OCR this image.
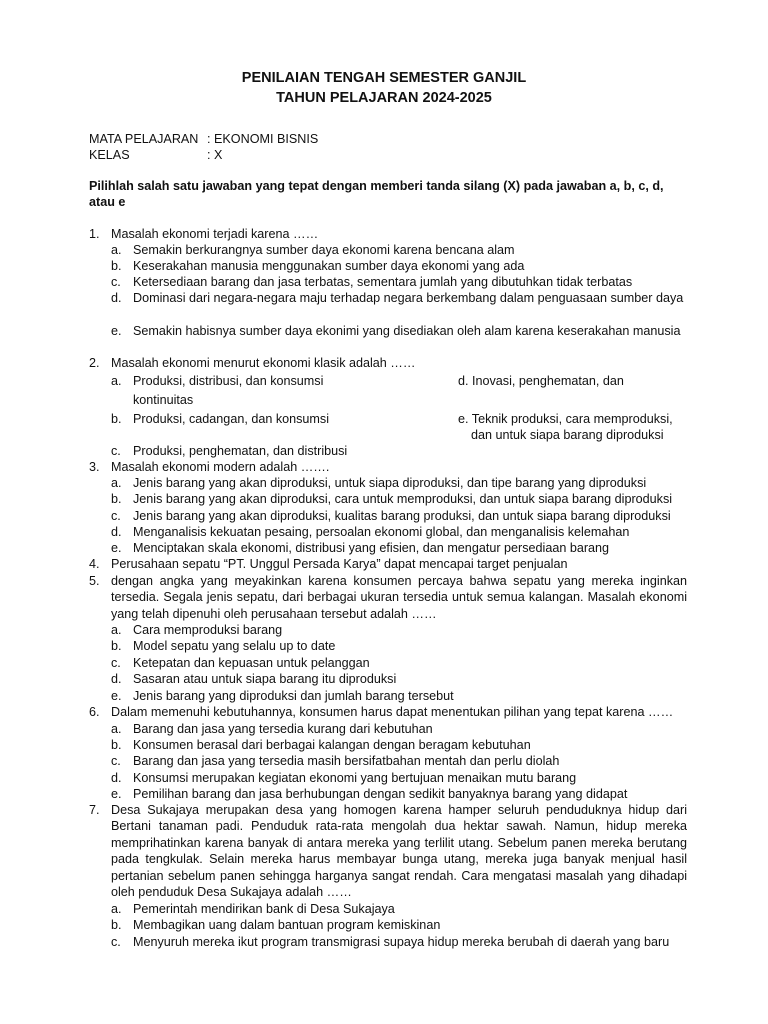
PENILAIAN TENGAH SEMESTER GANJIL
TAHUN PELAJARAN 2024-2025
MATA PELAJARAN : EKONOMI BISNIS
KELAS	: X
Pilihlah salah satu jawaban yang tepat dengan memberi tanda silang (X) pada jawaban a, b, c, d, atau e
1. Masalah ekonomi terjadi karena ……
a. Semakin berkurangnya sumber daya ekonomi karena bencana alam
b. Keserakahan manusia menggunakan sumber daya ekonomi yang ada
c. Ketersediaan barang dan jasa terbatas, sementara jumlah yang dibutuhkan tidak terbatas
d. Dominasi dari negara-negara maju terhadap negara berkembang dalam penguasaan sumber daya
e. Semakin habisnya sumber daya ekonimi yang disediakan oleh alam karena keserakahan manusia
2. Masalah ekonomi menurut ekonomi klasik adalah ……
a. Produksi, distribusi, dan konsumsi	d. Inovasi, penghematan, dan
kontinuitas
b. Produksi, cadangan, dan konsumsi	e. Teknik produksi, cara memproduksi,
dan untuk siapa barang diproduksi
c. Produksi, penghematan, dan distribusi
3. Masalah ekonomi modern adalah …….
a. Jenis barang yang akan diproduksi, untuk siapa diproduksi, dan tipe barang yang diproduksi
b. Jenis barang yang akan diproduksi, cara untuk memproduksi, dan untuk siapa barang diproduksi
c. Jenis barang yang akan diproduksi, kualitas barang produksi, dan untuk siapa barang diproduksi
d. Menganalisis kekuatan pesaing, persoalan ekonomi global, dan menganalisis kelemahan
e. Menciptakan skala ekonomi, distribusi yang efisien, dan mengatur persediaan barang
4. Perusahaan sepatu “PT. Unggul Persada Karya” dapat mencapai target penjualan
5. dengan angka yang meyakinkan karena konsumen percaya bahwa sepatu yang mereka inginkan tersedia. Segala jenis sepatu, dari berbagai ukuran tersedia untuk semua kalangan. Masalah ekonomi yang telah dipenuhi oleh perusahaan tersebut adalah ……
a. Cara memproduksi barang
b. Model sepatu yang selalu up to date
c. Ketepatan dan kepuasan untuk pelanggan
d. Sasaran atau untuk siapa barang itu diproduksi
e. Jenis barang yang diproduksi dan jumlah barang tersebut
6. Dalam memenuhi kebutuhannya, konsumen harus dapat menentukan pilihan yang tepat karena ……
a. Barang dan jasa yang tersedia kurang dari kebutuhan
b. Konsumen berasal dari berbagai kalangan dengan beragam kebutuhan
c. Barang dan jasa yang tersedia masih bersifatbahan mentah dan perlu diolah
d. Konsumsi merupakan kegiatan ekonomi yang bertujuan menaikan mutu barang
e. Pemilihan barang dan jasa berhubungan dengan sedikit banyaknya barang yang didapat
7. Desa Sukajaya merupakan desa yang homogen karena hamper seluruh penduduknya hidup dari Bertani tanaman padi. Penduduk rata-rata mengolah dua hektar sawah. Namun, hidup mereka memprihatinkan karena banyak di antara mereka yang terlilit utang. Sebelum panen mereka berutang pada tengkulak. Selain mereka harus membayar bunga utang, mereka juga banyak menjual hasil pertanian sebelum panen sehingga harganya sangat rendah. Cara mengatasi masalah yang dihadapi oleh penduduk Desa Sukajaya adalah ……
a. Pemerintah mendirikan bank di Desa Sukajaya
b. Membagikan uang dalam bantuan program kemiskinan
c. Menyuruh mereka ikut program transmigrasi supaya hidup mereka berubah di daerah yang baru
